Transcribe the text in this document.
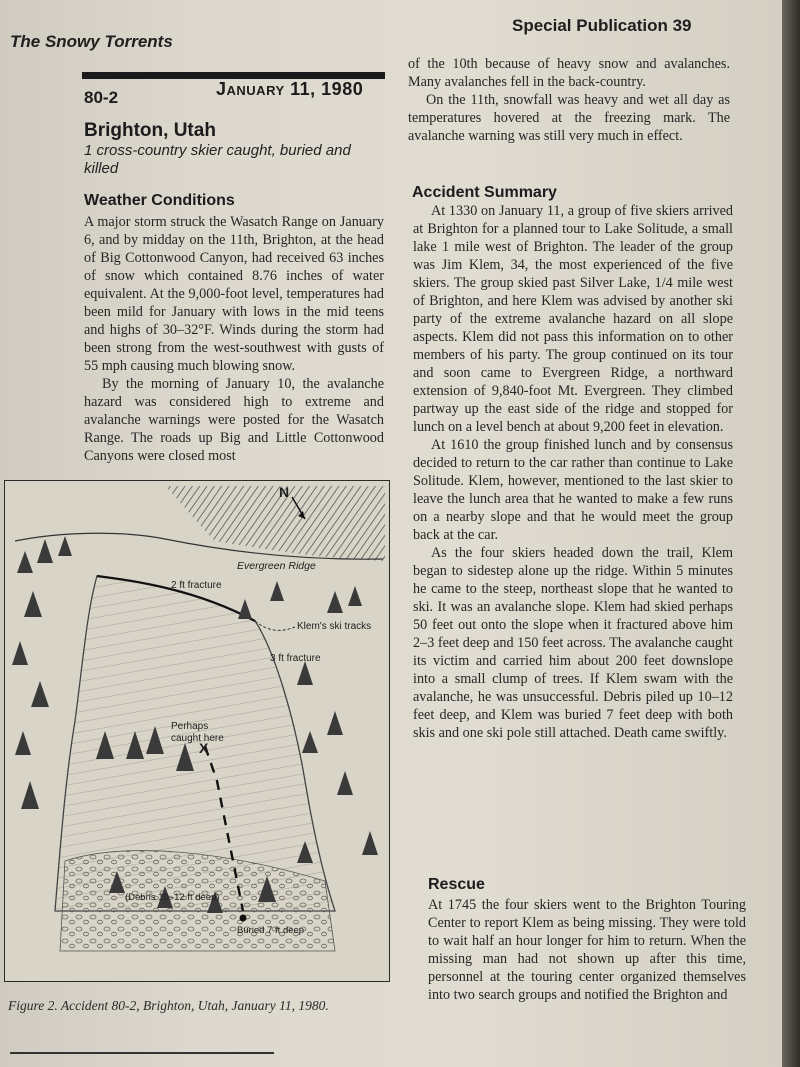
The Snowy Torrents
Special Publication 39
80-2	January 11, 1980
Brighton, Utah
1 cross-country skier caught, buried and killed
Weather Conditions

A major storm struck the Wasatch Range on January 6, and by midday on the 11th, Brighton, at the head of Big Cottonwood Canyon, had received 63 inches of snow which contained 8.76 inches of water equivalent. At the 9,000-foot level, temperatures had been mild for January with lows in the mid teens and highs of 30–32°F. Winds during the storm had been strong from the west-southwest with gusts of 55 mph causing much blowing snow.

By the morning of January 10, the avalanche hazard was considered high to extreme and avalanche warnings were posted for the Wasatch Range. The roads up Big and Little Cottonwood Canyons were closed most

of the 10th because of heavy snow and avalanches. Many avalanches fell in the back-country.

On the 11th, snowfall was heavy and wet all day as temperatures hovered at the freezing mark. The avalanche warning was still very much in effect.

Accident Summary

At 1330 on January 11, a group of five skiers arrived at Brighton for a planned tour to Lake Solitude, a small lake 1 mile west of Brighton. The leader of the group was Jim Klem, 34, the most experienced of the five skiers. The group skied past Silver Lake, 1/4 mile west of Brighton, and here Klem was advised by another ski party of the extreme avalanche hazard on all slope aspects. Klem did not pass this information on to other members of his party. The group continued on its tour and soon came to Evergreen Ridge, a northward extension of 9,840-foot Mt. Evergreen. They climbed partway up the east side of the ridge and stopped for lunch on a level bench at about 9,200 feet in elevation.

At 1610 the group finished lunch and by consensus decided to return to the car rather than continue to Lake Solitude. Klem, however, mentioned to the last skier to leave the lunch area that he wanted to make a few runs on a nearby slope and that he would meet the group back at the car.

As the four skiers headed down the trail, Klem began to sidestep alone up the ridge. Within 5 minutes he came to the steep, northeast slope that he wanted to ski. It was an avalanche slope. Klem had skied perhaps 50 feet out onto the slope when it fractured above him 2–3 feet deep and 150 feet across. The avalanche caught its victim and carried him about 200 feet downslope into a small clump of trees. If Klem swam with the avalanche, he was unsuccessful. Debris piled up 10–12 feet deep, and Klem was buried 7 feet deep with both skis and one ski pole still attached. Death came swiftly.

Rescue

At 1745 the four skiers went to the Brighton Touring Center to report Klem as being missing. They were told to wait half an hour longer for him to return. When the missing man had not shown up after this time, personnel at the touring center organized themselves into two search groups and notified the Brighton and

N
Evergreen Ridge
2 ft fracture
Klem's ski tracks
3 ft fracture
Perhaps
caught here
X
(Debris 10–12 ft deep)
Buried 7 ft deep
Figure 2. Accident 80-2, Brighton, Utah, January 11, 1980.
